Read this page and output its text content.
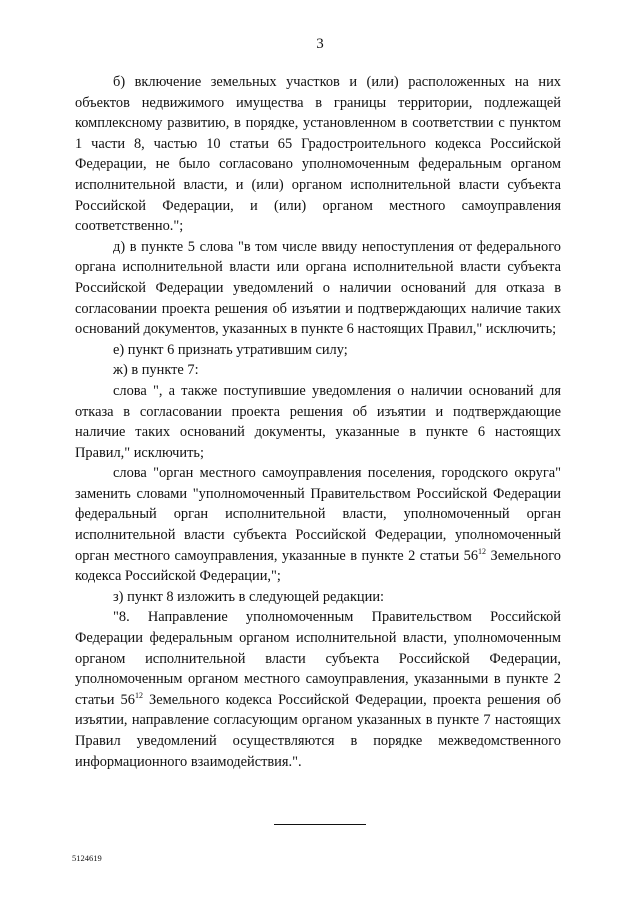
3

б) включение земельных участков и (или) расположенных на них объектов недвижимого имущества в границы территории, подлежащей комплексному развитию, в порядке, установленном в соответствии с пунктом 1 части 8, частью 10 статьи 65 Градостроительного кодекса Российской Федерации, не было согласовано уполномоченным федеральным органом исполнительной власти, и (или) органом исполнительной власти субъекта Российской Федерации, и (или) органом местного самоуправления соответственно.";

д) в пункте 5 слова "в том числе ввиду непоступления от федерального органа исполнительной власти или органа исполнительной власти субъекта Российской Федерации уведомлений о наличии оснований для отказа в согласовании проекта решения об изъятии и подтверждающих наличие таких оснований документов, указанных в пункте 6 настоящих Правил," исключить;

е) пункт 6 признать утратившим силу;

ж) в пункте 7:

слова ", а также поступившие уведомления о наличии оснований для отказа в согласовании проекта решения об изъятии и подтверждающие наличие таких оснований документы, указанные в пункте 6 настоящих Правил," исключить;

слова "орган местного самоуправления поселения, городского округа" заменить словами "уполномоченный Правительством Российской Федерации федеральный орган исполнительной власти, уполномоченный орган исполнительной власти субъекта Российской Федерации, уполномоченный орган местного самоуправления, указанные в пункте 2 статьи $56^{12}$ Земельного кодекса Российской Федерации,";

з) пункт 8 изложить в следующей редакции:

"8. Направление уполномоченным Правительством Российской Федерации федеральным органом исполнительной власти, уполномоченным органом исполнительной власти субъекта Российской Федерации, уполномоченным органом местного самоуправления, указанными в пункте 2 статьи $56^{12}$ Земельного кодекса Российской Федерации, проекта решения об изъятии, направление согласующим органом указанных в пункте 7 настоящих Правил уведомлений осуществляются в порядке межведомственного информационного взаимодействия.".

5124619
